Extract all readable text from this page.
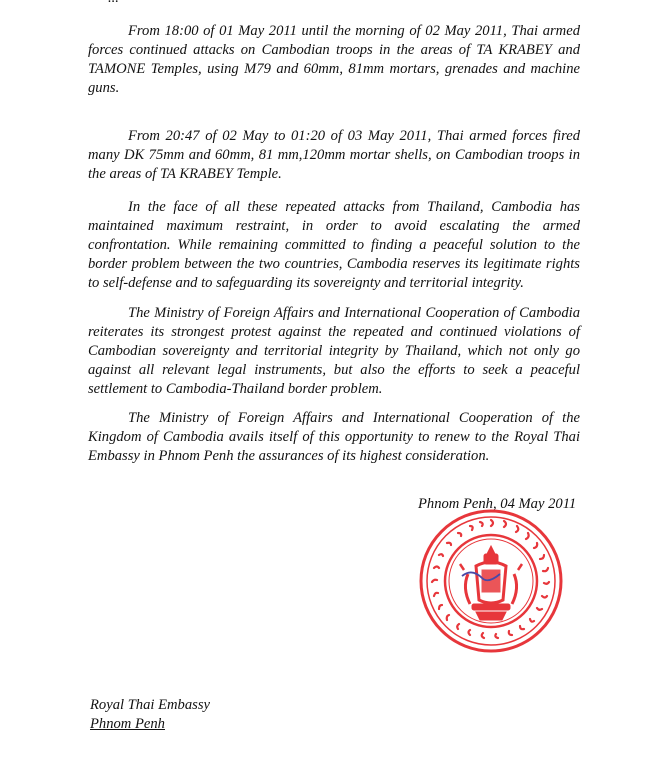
From 18:00 of 01 May 2011 until the morning of 02 May 2011, Thai armed forces continued attacks on Cambodian troops in the areas of TA KRABEY and TAMONE Temples, using M79 and 60mm, 81mm mortars, grenades and machine guns.

From 20:47 of 02 May to 01:20 of 03 May 2011, Thai armed forces fired many DK 75mm and 60mm, 81 mm,120mm mortar shells, on Cambodian troops in the areas of TA KRABEY Temple.

In the face of all these repeated attacks from Thailand, Cambodia has maintained maximum restraint, in order to avoid escalating the armed confrontation. While remaining committed to finding a peaceful solution to the border problem between the two countries, Cambodia reserves its legitimate rights to self-defense and to safeguarding its sovereignty and territorial integrity.

The Ministry of Foreign Affairs and International Cooperation of Cambodia reiterates its strongest protest against the repeated and continued violations of Cambodian sovereignty and territorial integrity by Thailand, which not only go against all relevant legal instruments, but also the efforts to seek a peaceful settlement to Cambodia-Thailand border problem.

The Ministry of Foreign Affairs and International Cooperation of the Kingdom of Cambodia avails itself of this opportunity to renew to the Royal Thai Embassy in Phnom Penh the assurances of its highest consideration.

Phnom Penh, 04 May 2011
Royal Thai Embassy
Phnom Penh
